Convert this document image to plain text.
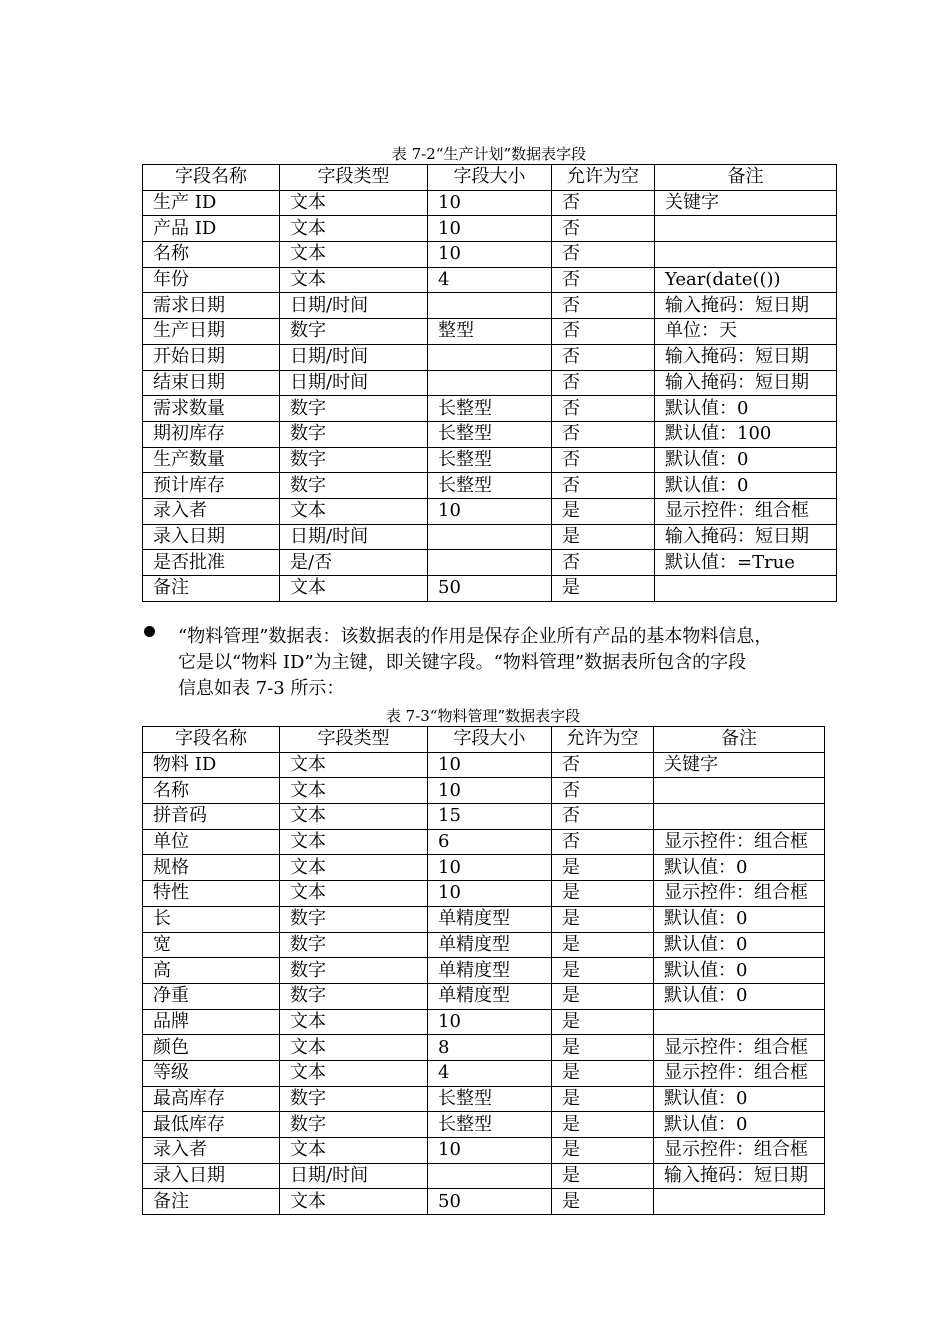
表 7-2“生产计划”数据表字段
字段名称	字段类型	字段大小	允许为空	备注
生产 ID	文本	10	否	关键字
产品 ID	文本	10	否	
名称	文本	10	否	
年份	文本	4	否	Year(date(())
需求日期	日期/时间		否	输入掩码：短日期
生产日期	数字	整型	否	单位：天
开始日期	日期/时间		否	输入掩码：短日期
结束日期	日期/时间		否	输入掩码：短日期
需求数量	数字	长整型	否	默认值：0
期初库存	数字	长整型	否	默认值：100
生产数量	数字	长整型	否	默认值：0
预计库存	数字	长整型	否	默认值：0
录入者	文本	10	是	显示控件：组合框
录入日期	日期/时间		是	输入掩码：短日期
是否批准	是/否		否	默认值：=True
备注	文本	50	是	
“物料管理”数据表：该数据表的作用是保存企业所有产品的基本物料信息，
它是以“物料 ID”为主键，即关键字段。“物料管理”数据表所包含的字段
信息如表 7-3 所示：
表 7-3“物料管理”数据表字段
字段名称	字段类型	字段大小	允许为空	备注
物料 ID	文本	10	否	关键字
名称	文本	10	否	
拼音码	文本	15	否	
单位	文本	6	否	显示控件：组合框
规格	文本	10	是	默认值：0
特性	文本	10	是	显示控件：组合框
长	数字	单精度型	是	默认值：0
宽	数字	单精度型	是	默认值：0
高	数字	单精度型	是	默认值：0
净重	数字	单精度型	是	默认值：0
品牌	文本	10	是	
颜色	文本	8	是	显示控件：组合框
等级	文本	4	是	显示控件：组合框
最高库存	数字	长整型	是	默认值：0
最低库存	数字	长整型	是	默认值：0
录入者	文本	10	是	显示控件：组合框
录入日期	日期/时间		是	输入掩码：短日期
备注	文本	50	是	
